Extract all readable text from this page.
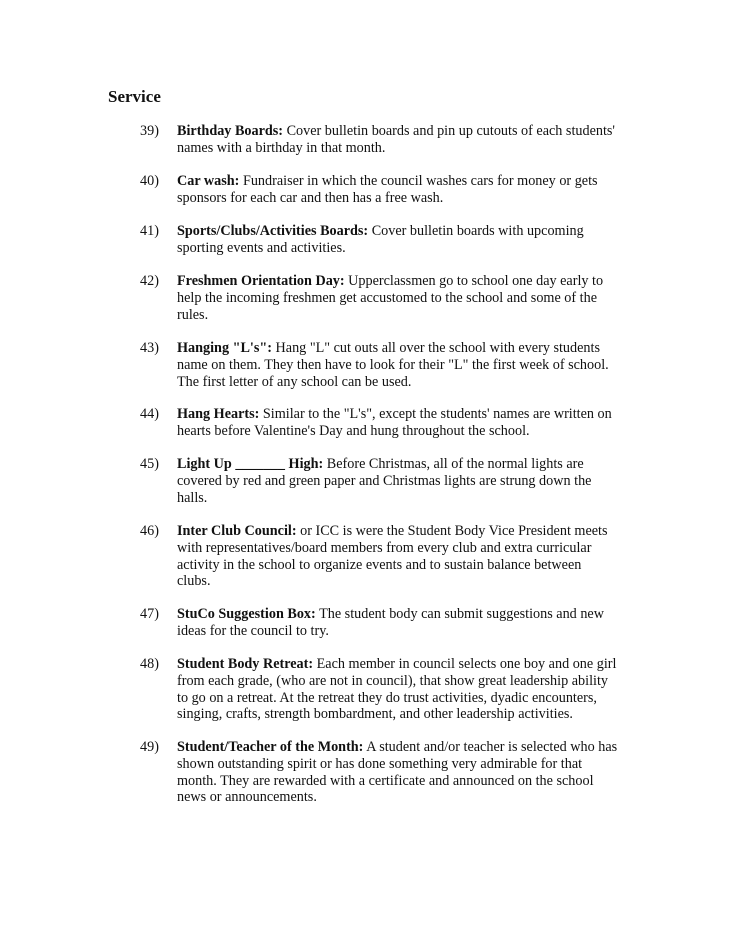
Service
39)	Birthday Boards: Cover bulletin boards and pin up cutouts of each students'
names with a birthday in that month.
40)	Car wash: Fundraiser in which the council washes cars for money or gets
sponsors for each car and then has a free wash.
41)	Sports/Clubs/Activities Boards: Cover bulletin boards with upcoming
sporting events and activities.
42)	Freshmen Orientation Day: Upperclassmen go to school one day early to
help the incoming freshmen get accustomed to the school and some of the
rules.
43)	Hanging "L's": Hang "L" cut outs all over the school with every students
name on them. They then have to look for their "L" the first week of school.
The first letter of any school can be used.
44)	Hang Hearts: Similar to the "L's", except the students' names are written on
hearts before Valentine's Day and hung throughout the school.
45)	Light Up _______ High: Before Christmas, all of the normal lights are
covered by red and green paper and Christmas lights are strung down the
halls.
46)	Inter Club Council: or ICC is were the Student Body Vice President meets
with representatives/board members from every club and extra curricular
activity in the school to organize events and to sustain balance between
clubs.
47)	StuCo Suggestion Box: The student body can submit suggestions and new
ideas for the council to try.
48)	Student Body Retreat: Each member in council selects one boy and one girl
from each grade, (who are not in council), that show great leadership ability
to go on a retreat. At the retreat they do trust activities, dyadic encounters,
singing, crafts, strength bombardment, and other leadership activities.
49)	Student/Teacher of the Month: A student and/or teacher is selected who has
shown outstanding spirit or has done something very admirable for that
month. They are rewarded with a certificate and announced on the school
news or announcements.
